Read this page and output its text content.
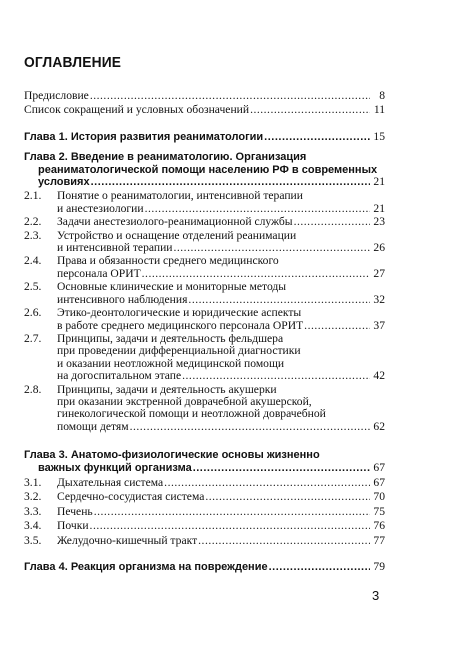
ОГЛАВЛЕНИЕ
Предисловие .....	8
Список сокращений и условных обозначений .....	11
Глава 1. История развития реаниматологии .....	15
Глава 2. Введение в реаниматологию. Организация
реаниматологической помощи населению РФ в современных
условиях .....	21
2.1. Понятие о реаниматологии, интенсивной терапии
и анестезиологии .....	21
2.2. Задачи анестезиолого-реанимационной службы .....	23
2.3. Устройство и оснащение отделений реанимации
и интенсивной терапии .....	26
2.4. Права и обязанности среднего медицинского
персонала ОРИТ .....	27
2.5. Основные клинические и мониторные методы
интенсивного наблюдения .....	32
2.6. Этико-деонтологические и юридические аспекты
в работе среднего медицинского персонала ОРИТ .....	37
2.7. Принципы, задачи и деятельность фельдшера
при проведении дифференциальной диагностики
и оказании неотложной медицинской помощи
на догоспитальном этапе .....	42
2.8. Принципы, задачи и деятельность акушерки
при оказании экстренной доврачебной акушерской,
гинекологической помощи и неотложной доврачебной
помощи детям .....	62
Глава 3. Анатомо-физиологические основы жизненно
важных функций организма .....	67
3.1. Дыхательная система .....	67
3.2. Сердечно-сосудистая система .....	70
3.3. Печень .....	75
3.4. Почки .....	76
3.5. Желудочно-кишечный тракт .....	77
Глава 4. Реакция организма на повреждение .....	79
3
